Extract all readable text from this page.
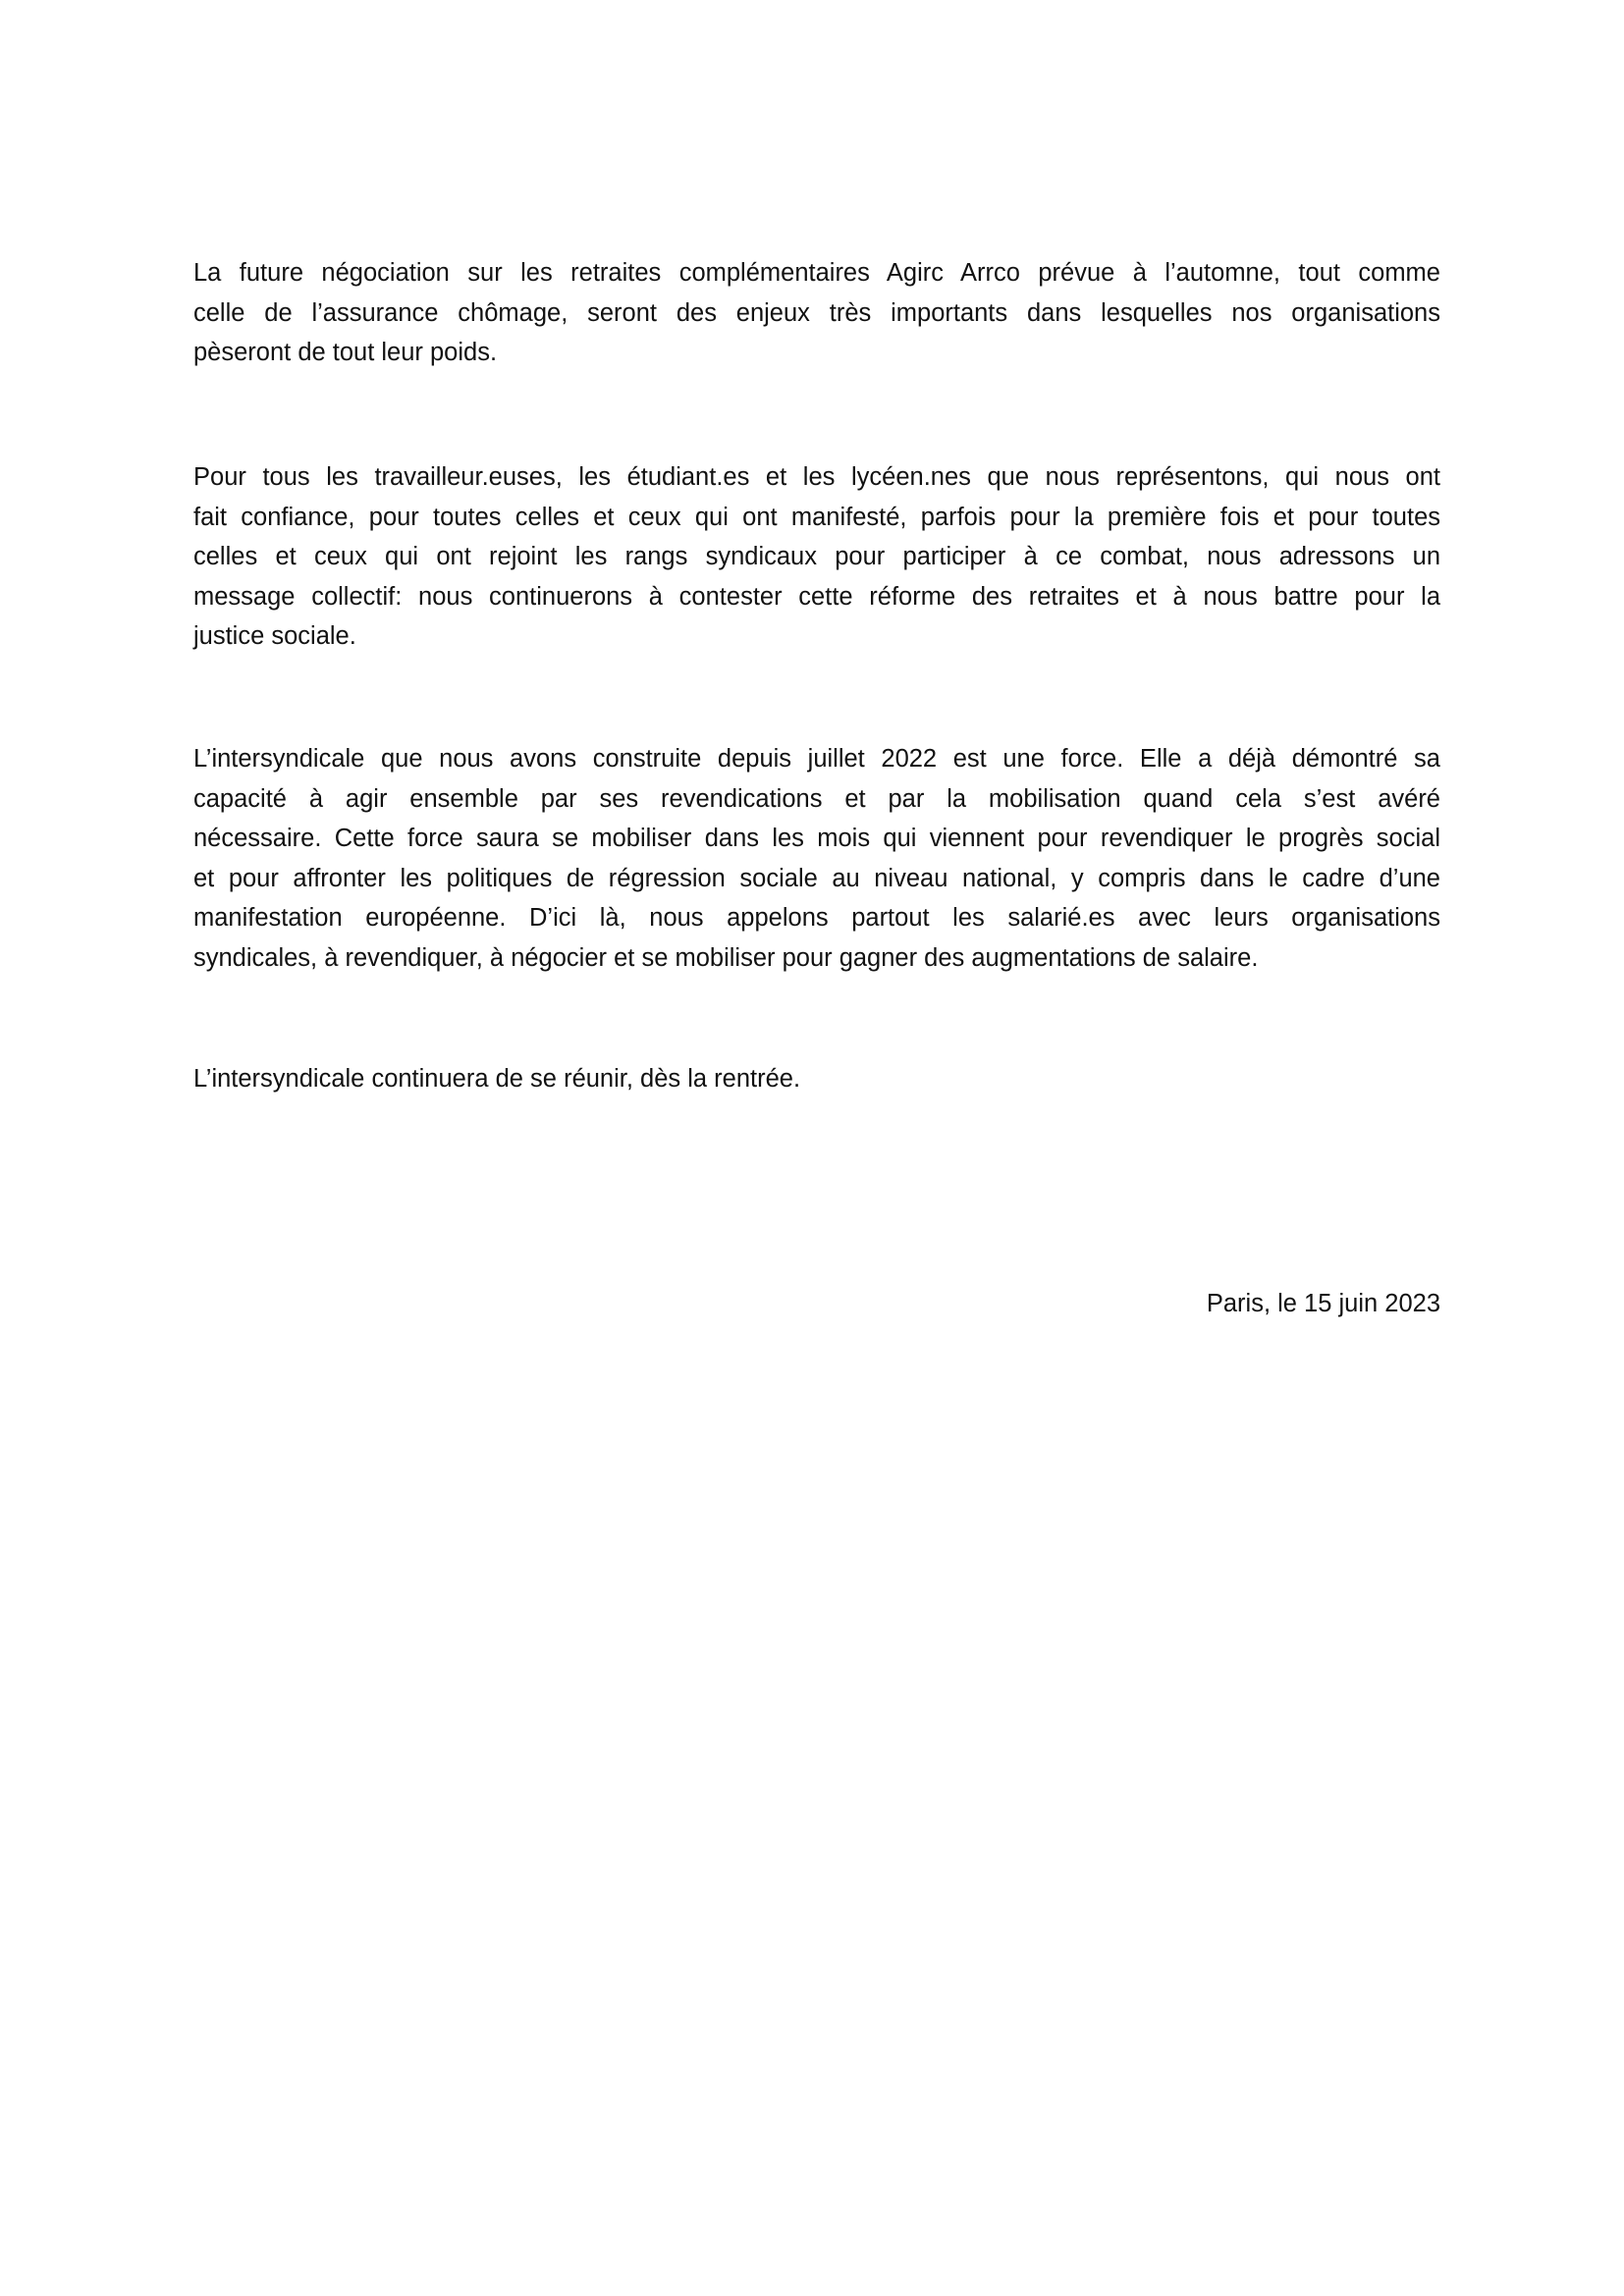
La future négociation sur les retraites complémentaires Agirc Arrco prévue à l’automne, tout comme
celle de l’assurance chômage, seront des enjeux très importants dans lesquelles nos organisations
pèseront de tout leur poids.
Pour tous les travailleur.euses, les étudiant.es et les lycéen.nes que nous représentons, qui nous ont
fait confiance, pour toutes celles et ceux qui ont manifesté, parfois pour la première fois et pour toutes
celles et ceux qui ont rejoint les rangs syndicaux pour participer à ce combat, nous adressons un
message collectif: nous continuerons à contester cette réforme des retraites et à nous battre pour la
justice sociale.
L’intersyndicale que nous avons construite depuis juillet 2022 est une force. Elle a déjà démontré sa
capacité à agir ensemble par ses revendications et par la mobilisation quand cela s’est avéré
nécessaire. Cette force saura se mobiliser dans les mois qui viennent pour revendiquer le progrès social
et pour affronter les politiques de régression sociale au niveau national, y compris dans le cadre d’une
manifestation européenne. D’ici là, nous appelons partout les salarié.es avec leurs organisations
syndicales, à revendiquer, à négocier et se mobiliser pour gagner des augmentations de salaire.
L’intersyndicale continuera de se réunir, dès la rentrée.
Paris, le 15 juin 2023
